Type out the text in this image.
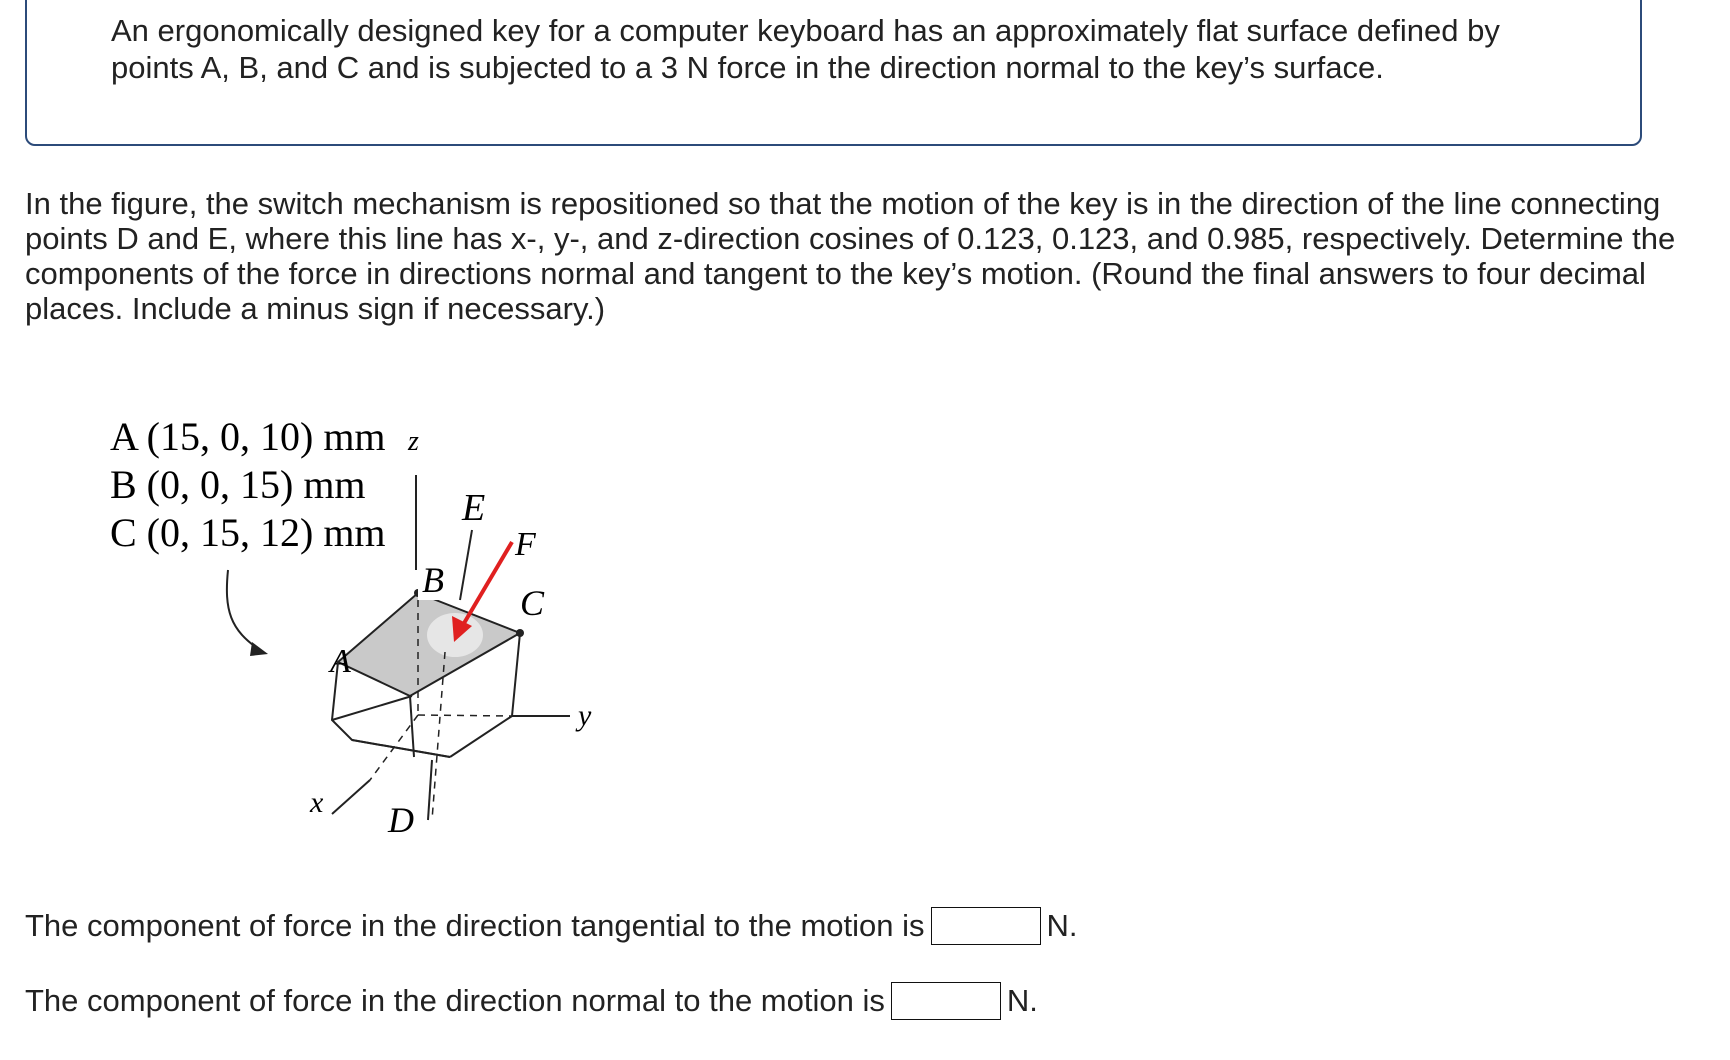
An ergonomically designed key for a computer keyboard has an approximately flat surface defined by points A, B, and C and is subjected to a 3 N force in the direction normal to the key’s surface.

In the figure, the switch mechanism is repositioned so that the motion of the key is in the direction of the line connecting points D and E, where this line has x-, y-, and z-direction cosines of 0.123, 0.123, and 0.985, respectively. Determine the components of the force in directions normal and tangent to the key’s motion. (Round the final answers to four decimal places. Include a minus sign if necessary.)

A (15, 0, 10) mm
B (0, 0, 15) mm
C (0, 15, 12) mm
z
E
F
B
C
A
y
x D
The component of force in the direction tangential to the motion is	N.
The component of force in the direction normal to the motion is	N.
